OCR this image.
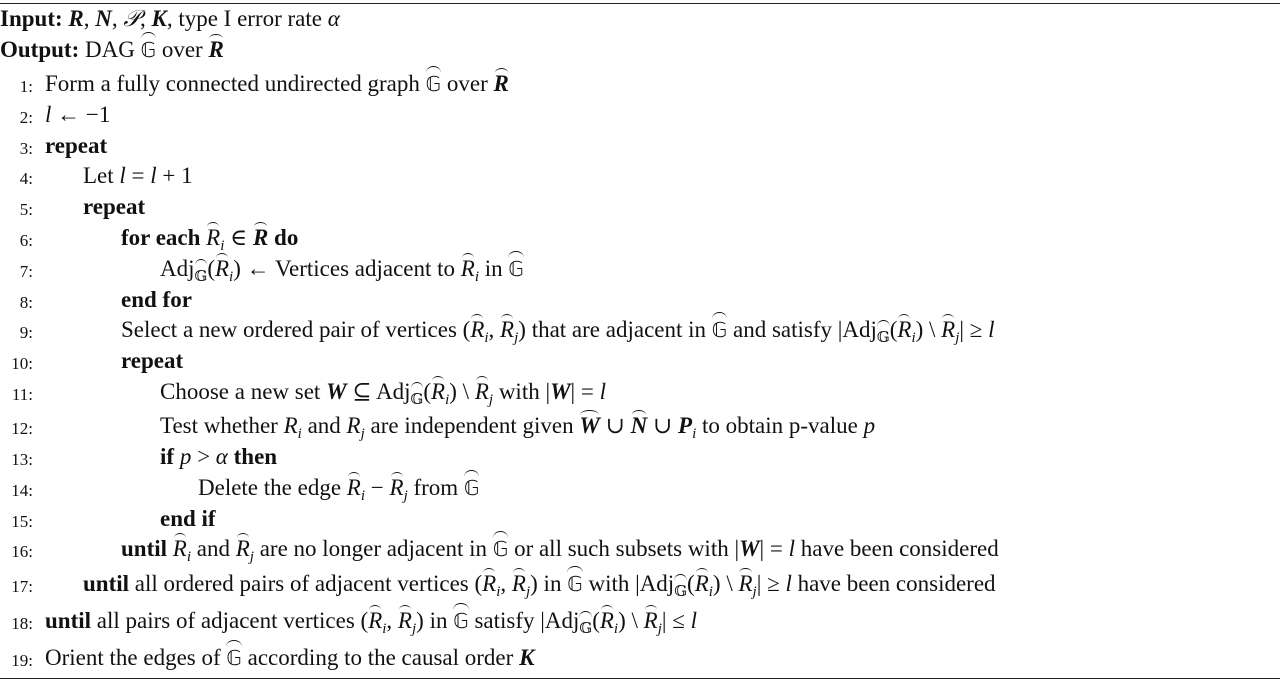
Input: R, N, 𝒫, K, type I error rate α
Output: DAG 𝔾 over R
1: Form a fully connected undirected graph 𝔾 over R
2: l ← −1
3: repeat
4: Let l = l + 1
5: repeat
6:	for each $R_i$ ∈ R do
7:	$Adj_𝔾(R_i)$ ← Vertices adjacent to $R_i$ in 𝔾
8:	end for
9:	Select a new ordered pair of vertices ($R_i$, $R_j$) that are adjacent in 𝔾 and satisfy $|Adj_𝔾(R_i)$ \ $R_j| \ge l$
10:	repeat
11:	Choose a new set W ⊆ $Adj_𝔾(R_i)$ \ $R_j$ with |W| = l
12:	Test whether $R_i$ and $R_j$ are independent given W ∪ N ∪ $P_i$ to obtain p-value p
13:	if p > α then
14:	Delete the edge $R_i - R_j$ from 𝔾
15:	end if
16:	until $R_i$ and $R_j$ are no longer adjacent in 𝔾 or all such subsets with |W| = l have been considered
17: until all ordered pairs of adjacent vertices ($R_i$, $R_j$) in 𝔾 with $|Adj_𝔾(R_i)$ \ $R_j| \ge l$ have been considered
18: until all pairs of adjacent vertices ($R_i$, $R_j$) in 𝔾 satisfy $|Adj_𝔾(R_i)$ \ $R_j| \le l$
19: Orient the edges of 𝔾 according to the causal order K
